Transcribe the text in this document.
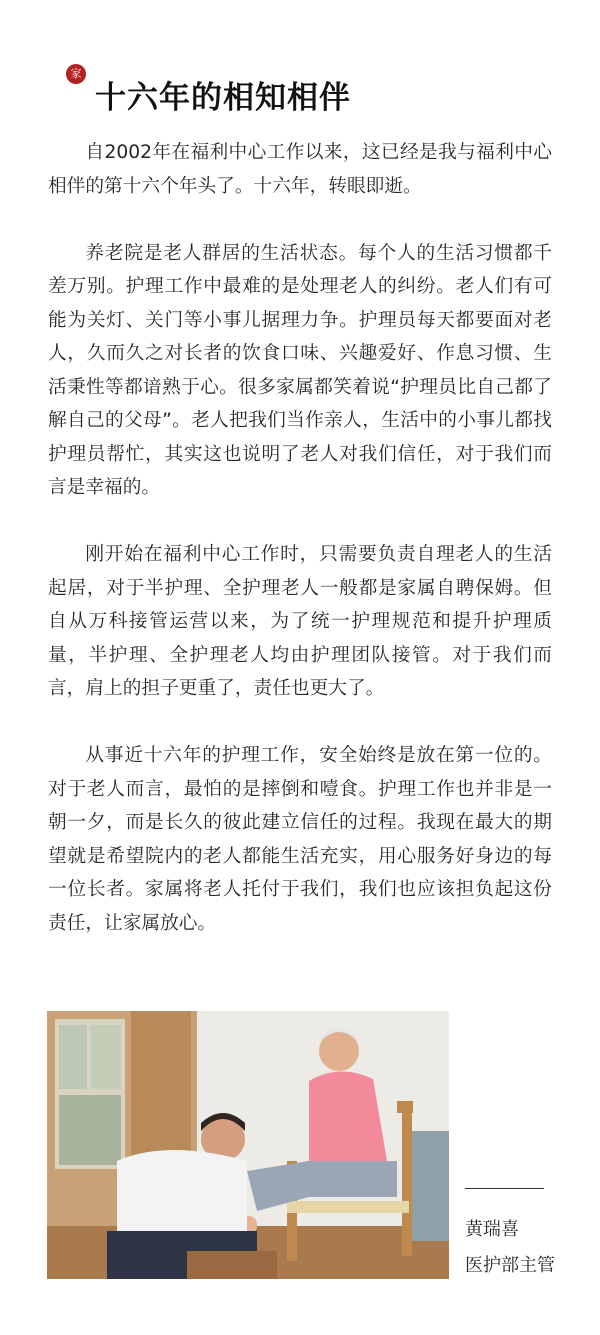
家
十六年的相知相伴

自2002年在福利中心工作以来，这已经是我与福利中心相伴的第十六个年头了。十六年，转眼即逝。

养老院是老人群居的生活状态。每个人的生活习惯都千差万别。护理工作中最难的是处理老人的纠纷。老人们有可能为关灯、关门等小事儿据理力争。护理员每天都要面对老人，久而久之对长者的饮食口味、兴趣爱好、作息习惯、生活秉性等都谙熟于心。很多家属都笑着说“护理员比自己都了解自己的父母”。老人把我们当作亲人，生活中的小事儿都找护理员帮忙，其实这也说明了老人对我们信任，对于我们而言是幸福的。

刚开始在福利中心工作时，只需要负责自理老人的生活起居，对于半护理、全护理老人一般都是家属自聘保姆。但自从万科接管运营以来，为了统一护理规范和提升护理质量，半护理、全护理老人均由护理团队接管。对于我们而言，肩上的担子更重了，责任也更大了。

从事近十六年的护理工作，安全始终是放在第一位的。对于老人而言，最怕的是摔倒和噎食。护理工作也并非是一朝一夕，而是长久的彼此建立信任的过程。我现在最大的期望就是希望院内的老人都能生活充实，用心服务好身边的每一位长者。家属将老人托付于我们，我们也应该担负起这份责任，让家属放心。

黄瑞喜
医护部主管
